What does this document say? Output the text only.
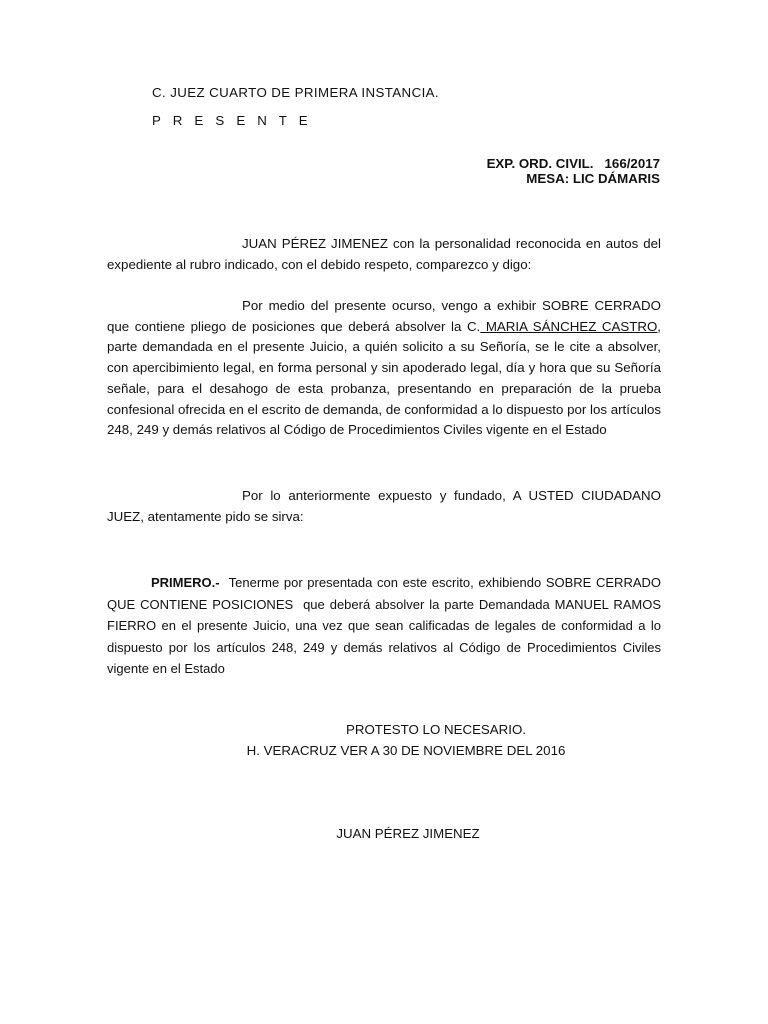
C. JUEZ CUARTO DE PRIMERA INSTANCIA.
P R E S E N T E
EXP. ORD. CIVIL.   166/2017
MESA: LIC DÁMARIS
JUAN PÉREZ JIMENEZ con la personalidad reconocida en autos del expediente al rubro indicado, con el debido respeto, comparezco y digo:
Por medio del presente ocurso, vengo a exhibir SOBRE CERRADO que contiene pliego de posiciones que deberá absolver la C. MARIA SÁNCHEZ CASTRO, parte demandada en el presente Juicio, a quién solicito a su Señoría, se le cite a absolver, con apercibimiento legal, en forma personal y sin apoderado legal, día y hora que su Señoría señale, para el desahogo de esta probanza, presentando en preparación de la prueba confesional ofrecida en el escrito de demanda, de conformidad a lo dispuesto por los artículos 248, 249 y demás relativos al Código de Procedimientos Civiles vigente en el Estado
Por lo anteriormente expuesto y fundado, A USTED CIUDADANO JUEZ, atentamente pido se sirva:
PRIMERO.-  Tenerme por presentada con este escrito, exhibiendo SOBRE CERRADO QUE CONTIENE POSICIONES  que deberá absolver la parte Demandada MANUEL RAMOS FIERRO en el presente Juicio, una vez que sean calificadas de legales de conformidad a lo dispuesto por los artículos 248, 249 y demás relativos al Código de Procedimientos Civiles vigente en el Estado
PROTESTO LO NECESARIO.
H. VERACRUZ VER A 30 DE NOVIEMBRE DEL 2016
JUAN PÉREZ JIMENEZ
